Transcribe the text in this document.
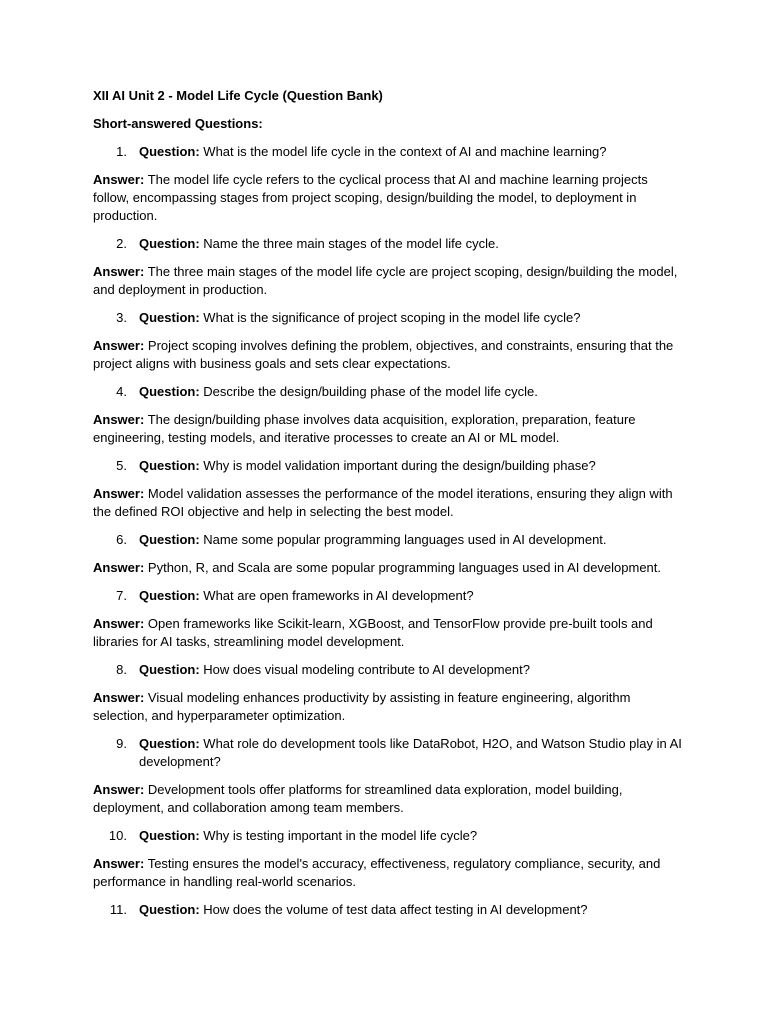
XII AI Unit 2 - Model Life Cycle (Question Bank)

Short-answered Questions:

1. Question: What is the model life cycle in the context of AI and machine learning?

Answer: The model life cycle refers to the cyclical process that AI and machine learning projects follow, encompassing stages from project scoping, design/building the model, to deployment in production.

2. Question: Name the three main stages of the model life cycle.

Answer: The three main stages of the model life cycle are project scoping, design/building the model, and deployment in production.

3. Question: What is the significance of project scoping in the model life cycle?

Answer: Project scoping involves defining the problem, objectives, and constraints, ensuring that the project aligns with business goals and sets clear expectations.

4. Question: Describe the design/building phase of the model life cycle.

Answer: The design/building phase involves data acquisition, exploration, preparation, feature engineering, testing models, and iterative processes to create an AI or ML model.

5. Question: Why is model validation important during the design/building phase?

Answer: Model validation assesses the performance of the model iterations, ensuring they align with the defined ROI objective and help in selecting the best model.

6. Question: Name some popular programming languages used in AI development.

Answer: Python, R, and Scala are some popular programming languages used in AI development.

7. Question: What are open frameworks in AI development?

Answer: Open frameworks like Scikit-learn, XGBoost, and TensorFlow provide pre-built tools and libraries for AI tasks, streamlining model development.

8. Question: How does visual modeling contribute to AI development?

Answer: Visual modeling enhances productivity by assisting in feature engineering, algorithm selection, and hyperparameter optimization.

9. Question: What role do development tools like DataRobot, H2O, and Watson Studio play in AI development?

Answer: Development tools offer platforms for streamlined data exploration, model building, deployment, and collaboration among team members.

10. Question: Why is testing important in the model life cycle?

Answer: Testing ensures the model's accuracy, effectiveness, regulatory compliance, security, and performance in handling real-world scenarios.

11. Question: How does the volume of test data affect testing in AI development?
